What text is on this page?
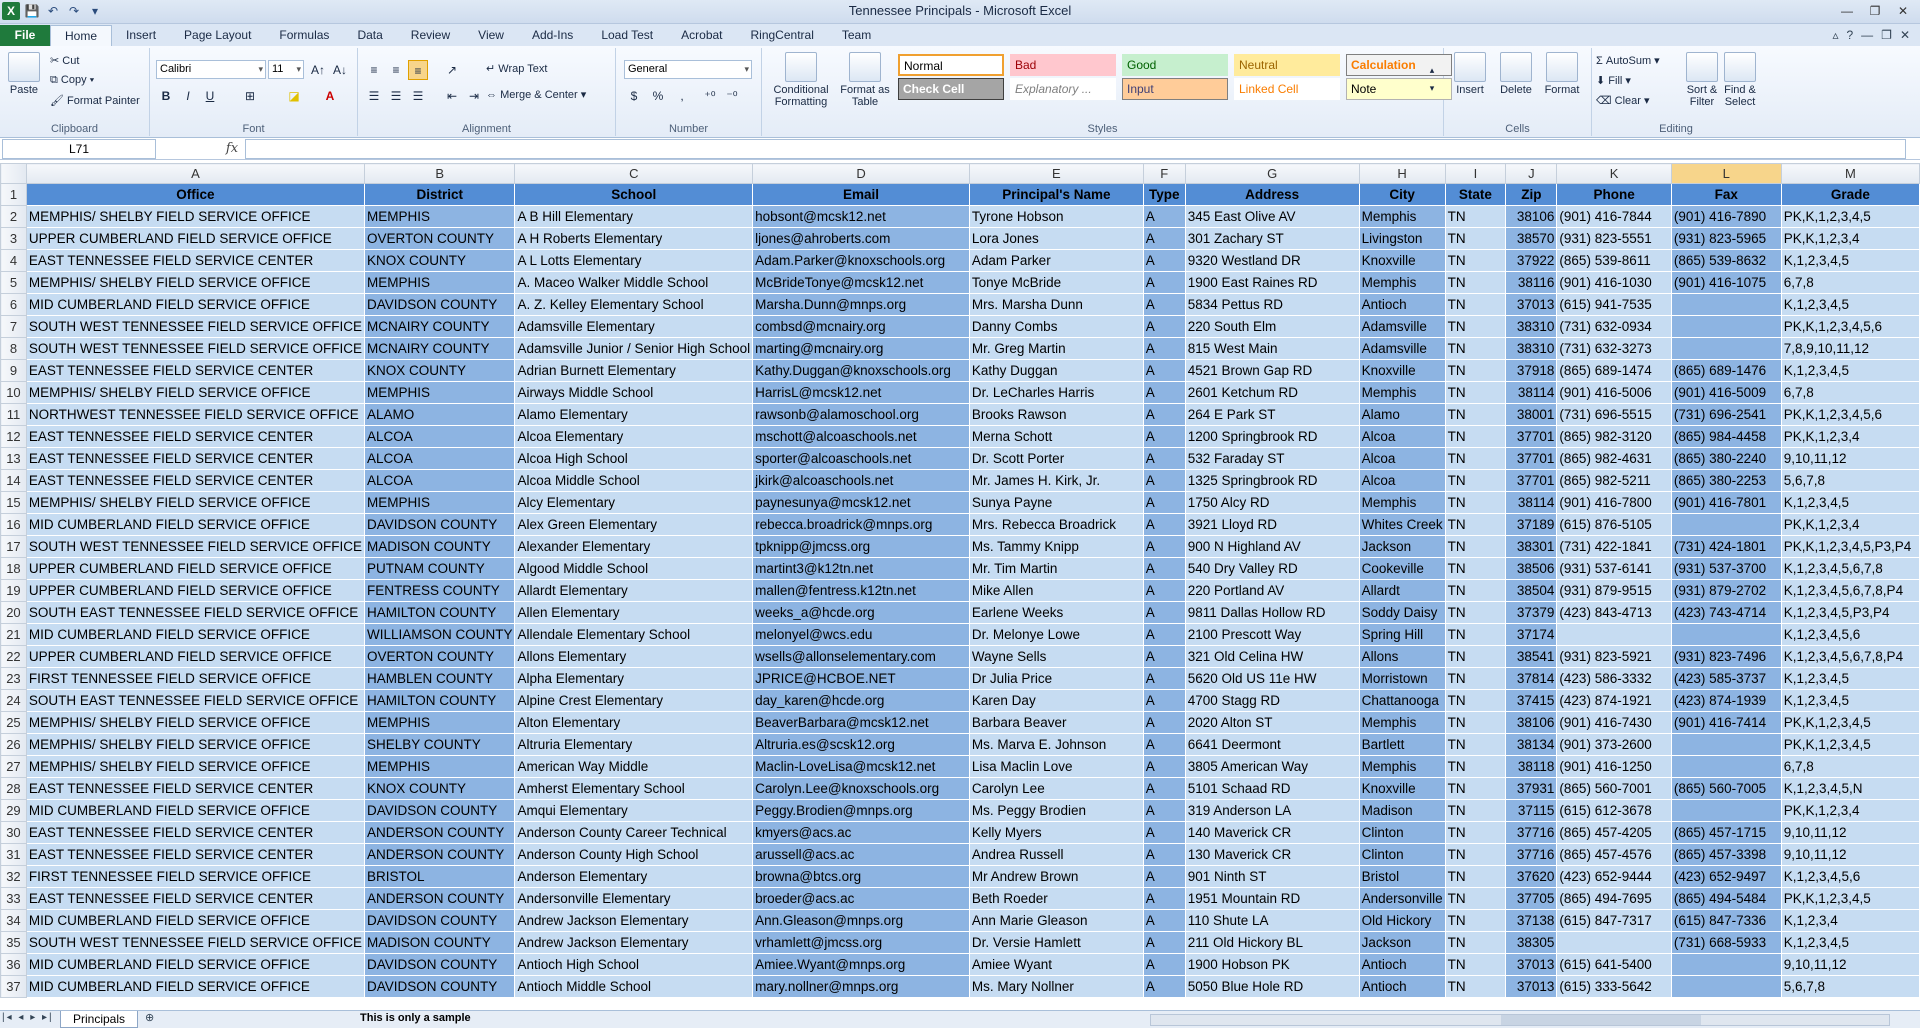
X 💾 ↶ ↷	▾	Tennessee Principals - Microsoft Excel	—	❐	✕
File	Home	Insert	Page Layout	Formulas	Data	Review	View	Add-Ins	Load Test	Acrobat	RingCentral	Team	▵ ? — ❐ ✕
Paste
✂ Cut
⧉ Copy ▾
🖌 Format Painter
Clipboard
Calibri ▾	11 ▾	A↑ A↓
B	I	U	⊞	◪	A
Font
≡	≡	≡	↗	↵ Wrap Text
☰ ☰ ☰	⇤ ⇥ ⇔ Merge & Center ▾
Alignment
General ▾
$	%	,	⁺⁰ ⁻⁰
Number
Conditional Formatting
Format as Table
Normal	Bad	Good	Neutral	Calculation
Check Cell	Explanatory ...	Input	Linked Cell	Note
▴
▾
Styles
Insert	Delete	Format
Cells
Σ AutoSum ▾
⬇ Fill ▾
⌫ Clear ▾
Sort & Filter
Find & Select
Editing
L71	fx
	A	B	C	D	E	F	G	H	I	J	K	L	M
1	Office	District	School	Email	Principal's Name	Type	Address	City	State	Zip	Phone	Fax	Grade
2	MEMPHIS/ SHELBY FIELD SERVICE OFFICE	MEMPHIS	A B Hill Elementary	hobsont@mcsk12.net	Tyrone Hobson	A	345 East Olive AV	Memphis	TN	38106	(901) 416-7844	(901) 416-7890	PK,K,1,2,3,4,5
3	UPPER CUMBERLAND FIELD SERVICE OFFICE	OVERTON COUNTY	A H Roberts Elementary	ljones@ahroberts.com	Lora Jones	A	301 Zachary ST	Livingston	TN	38570	(931) 823-5551	(931) 823-5965	PK,K,1,2,3,4
4	EAST TENNESSEE FIELD SERVICE CENTER	KNOX COUNTY	A L Lotts Elementary	Adam.Parker@knoxschools.org	Adam Parker	A	9320 Westland DR	Knoxville	TN	37922	(865) 539-8611	(865) 539-8632	K,1,2,3,4,5
5	MEMPHIS/ SHELBY FIELD SERVICE OFFICE	MEMPHIS	A. Maceo Walker Middle School	McBrideTonye@mcsk12.net	Tonye McBride	A	1900 East Raines RD	Memphis	TN	38116	(901) 416-1030	(901) 416-1075	6,7,8
6	MID CUMBERLAND FIELD SERVICE OFFICE	DAVIDSON COUNTY	A. Z. Kelley Elementary School	Marsha.Dunn@mnps.org	Mrs. Marsha Dunn	A	5834 Pettus RD	Antioch	TN	37013	(615) 941-7535		K,1,2,3,4,5
7	SOUTH WEST TENNESSEE FIELD SERVICE OFFICE	MCNAIRY COUNTY	Adamsville Elementary	combsd@mcnairy.org	Danny Combs	A	220 South Elm	Adamsville	TN	38310	(731) 632-0934		PK,K,1,2,3,4,5,6
8	SOUTH WEST TENNESSEE FIELD SERVICE OFFICE	MCNAIRY COUNTY	Adamsville Junior / Senior High School	marting@mcnairy.org	Mr. Greg Martin	A	815 West Main	Adamsville	TN	38310	(731) 632-3273		7,8,9,10,11,12
9	EAST TENNESSEE FIELD SERVICE CENTER	KNOX COUNTY	Adrian Burnett Elementary	Kathy.Duggan@knoxschools.org	Kathy Duggan	A	4521 Brown Gap RD	Knoxville	TN	37918	(865) 689-1474	(865) 689-1476	K,1,2,3,4,5
10	MEMPHIS/ SHELBY FIELD SERVICE OFFICE	MEMPHIS	Airways Middle School	HarrisL@mcsk12.net	Dr. LeCharles Harris	A	2601 Ketchum RD	Memphis	TN	38114	(901) 416-5006	(901) 416-5009	6,7,8
11	NORTHWEST TENNESSEE FIELD SERVICE OFFICE	ALAMO	Alamo Elementary	rawsonb@alamoschool.org	Brooks Rawson	A	264 E Park ST	Alamo	TN	38001	(731) 696-5515	(731) 696-2541	PK,K,1,2,3,4,5,6
12	EAST TENNESSEE FIELD SERVICE CENTER	ALCOA	Alcoa Elementary	mschott@alcoaschools.net	Merna Schott	A	1200 Springbrook RD	Alcoa	TN	37701	(865) 982-3120	(865) 984-4458	PK,K,1,2,3,4
13	EAST TENNESSEE FIELD SERVICE CENTER	ALCOA	Alcoa High School	sporter@alcoaschools.net	Dr. Scott Porter	A	532 Faraday ST	Alcoa	TN	37701	(865) 982-4631	(865) 380-2240	9,10,11,12
14	EAST TENNESSEE FIELD SERVICE CENTER	ALCOA	Alcoa Middle School	jkirk@alcoaschools.net	Mr. James H. Kirk, Jr.	A	1325 Springbrook RD	Alcoa	TN	37701	(865) 982-5211	(865) 380-2253	5,6,7,8
15	MEMPHIS/ SHELBY FIELD SERVICE OFFICE	MEMPHIS	Alcy Elementary	paynesunya@mcsk12.net	Sunya Payne	A	1750 Alcy RD	Memphis	TN	38114	(901) 416-7800	(901) 416-7801	K,1,2,3,4,5
16	MID CUMBERLAND FIELD SERVICE OFFICE	DAVIDSON COUNTY	Alex Green Elementary	rebecca.broadrick@mnps.org	Mrs. Rebecca Broadrick	A	3921 Lloyd RD	Whites Creek	TN	37189	(615) 876-5105		PK,K,1,2,3,4
17	SOUTH WEST TENNESSEE FIELD SERVICE OFFICE	MADISON COUNTY	Alexander Elementary	tpknipp@jmcss.org	Ms. Tammy Knipp	A	900 N Highland AV	Jackson	TN	38301	(731) 422-1841	(731) 424-1801	PK,K,1,2,3,4,5,P3,P4
18	UPPER CUMBERLAND FIELD SERVICE OFFICE	PUTNAM COUNTY	Algood Middle School	martint3@k12tn.net	Mr. Tim Martin	A	540 Dry Valley RD	Cookeville	TN	38506	(931) 537-6141	(931) 537-3700	K,1,2,3,4,5,6,7,8
19	UPPER CUMBERLAND FIELD SERVICE OFFICE	FENTRESS COUNTY	Allardt Elementary	mallen@fentress.k12tn.net	Mike Allen	A	220 Portland AV	Allardt	TN	38504	(931) 879-9515	(931) 879-2702	K,1,2,3,4,5,6,7,8,P4
20	SOUTH EAST TENNESSEE FIELD SERVICE OFFICE	HAMILTON COUNTY	Allen Elementary	weeks_a@hcde.org	Earlene Weeks	A	9811 Dallas Hollow RD	Soddy Daisy	TN	37379	(423) 843-4713	(423) 743-4714	K,1,2,3,4,5,P3,P4
21	MID CUMBERLAND FIELD SERVICE OFFICE	WILLIAMSON COUNTY	Allendale Elementary School	melonyel@wcs.edu	Dr. Melonye Lowe	A	2100 Prescott Way	Spring Hill	TN	37174			K,1,2,3,4,5,6
22	UPPER CUMBERLAND FIELD SERVICE OFFICE	OVERTON COUNTY	Allons Elementary	wsells@allonselementary.com	Wayne Sells	A	321 Old Celina HW	Allons	TN	38541	(931) 823-5921	(931) 823-7496	K,1,2,3,4,5,6,7,8,P4
23	FIRST TENNESSEE FIELD SERVICE OFFICE	HAMBLEN COUNTY	Alpha Elementary	JPRICE@HCBOE.NET	Dr Julia Price	A	5620 Old US 11e HW	Morristown	TN	37814	(423) 586-3332	(423) 585-3737	K,1,2,3,4,5
24	SOUTH EAST TENNESSEE FIELD SERVICE OFFICE	HAMILTON COUNTY	Alpine Crest Elementary	day_karen@hcde.org	Karen Day	A	4700 Stagg RD	Chattanooga	TN	37415	(423) 874-1921	(423) 874-1939	K,1,2,3,4,5
25	MEMPHIS/ SHELBY FIELD SERVICE OFFICE	MEMPHIS	Alton Elementary	BeaverBarbara@mcsk12.net	Barbara Beaver	A	2020 Alton ST	Memphis	TN	38106	(901) 416-7430	(901) 416-7414	PK,K,1,2,3,4,5
26	MEMPHIS/ SHELBY FIELD SERVICE OFFICE	SHELBY COUNTY	Altruria Elementary	Altruria.es@scsk12.org	Ms. Marva E. Johnson	A	6641 Deermont	Bartlett	TN	38134	(901) 373-2600		PK,K,1,2,3,4,5
27	MEMPHIS/ SHELBY FIELD SERVICE OFFICE	MEMPHIS	American Way Middle	Maclin-LoveLisa@mcsk12.net	Lisa Maclin Love	A	3805 American Way	Memphis	TN	38118	(901) 416-1250		6,7,8
28	EAST TENNESSEE FIELD SERVICE CENTER	KNOX COUNTY	Amherst Elementary School	Carolyn.Lee@knoxschools.org	Carolyn Lee	A	5101 Schaad RD	Knoxville	TN	37931	(865) 560-7001	(865) 560-7005	K,1,2,3,4,5,N
29	MID CUMBERLAND FIELD SERVICE OFFICE	DAVIDSON COUNTY	Amqui Elementary	Peggy.Brodien@mnps.org	Ms. Peggy Brodien	A	319 Anderson LA	Madison	TN	37115	(615) 612-3678		PK,K,1,2,3,4
30	EAST TENNESSEE FIELD SERVICE CENTER	ANDERSON COUNTY	Anderson County Career Technical	kmyers@acs.ac	Kelly Myers	A	140 Maverick CR	Clinton	TN	37716	(865) 457-4205	(865) 457-1715	9,10,11,12
31	EAST TENNESSEE FIELD SERVICE CENTER	ANDERSON COUNTY	Anderson County High School	arussell@acs.ac	Andrea Russell	A	130 Maverick CR	Clinton	TN	37716	(865) 457-4576	(865) 457-3398	9,10,11,12
32	FIRST TENNESSEE FIELD SERVICE OFFICE	BRISTOL	Anderson Elementary	browna@btcs.org	Mr Andrew Brown	A	901 Ninth ST	Bristol	TN	37620	(423) 652-9444	(423) 652-9497	K,1,2,3,4,5,6
33	EAST TENNESSEE FIELD SERVICE CENTER	ANDERSON COUNTY	Andersonville Elementary	broeder@acs.ac	Beth Roeder	A	1951 Mountain RD	Andersonville	TN	37705	(865) 494-7695	(865) 494-5484	PK,K,1,2,3,4,5
34	MID CUMBERLAND FIELD SERVICE OFFICE	DAVIDSON COUNTY	Andrew Jackson Elementary	Ann.Gleason@mnps.org	Ann Marie Gleason	A	110 Shute LA	Old Hickory	TN	37138	(615) 847-7317	(615) 847-7336	K,1,2,3,4
35	SOUTH WEST TENNESSEE FIELD SERVICE OFFICE	MADISON COUNTY	Andrew Jackson Elementary	vrhamlett@jmcss.org	Dr. Versie Hamlett	A	211 Old Hickory BL	Jackson	TN	38305		(731) 668-5933	K,1,2,3,4,5
36	MID CUMBERLAND FIELD SERVICE OFFICE	DAVIDSON COUNTY	Antioch High School	Amiee.Wyant@mnps.org	Amiee Wyant	A	1900 Hobson PK	Antioch	TN	37013	(615) 641-5400		9,10,11,12
37	MID CUMBERLAND FIELD SERVICE OFFICE	DAVIDSON COUNTY	Antioch Middle School	mary.nollner@mnps.org	Ms. Mary Nollner	A	5050 Blue Hole RD	Antioch	TN	37013	(615) 333-5642		5,6,7,8
|◂ ◂ ▸ ▸|	Principals	⊕	This is only a sample
